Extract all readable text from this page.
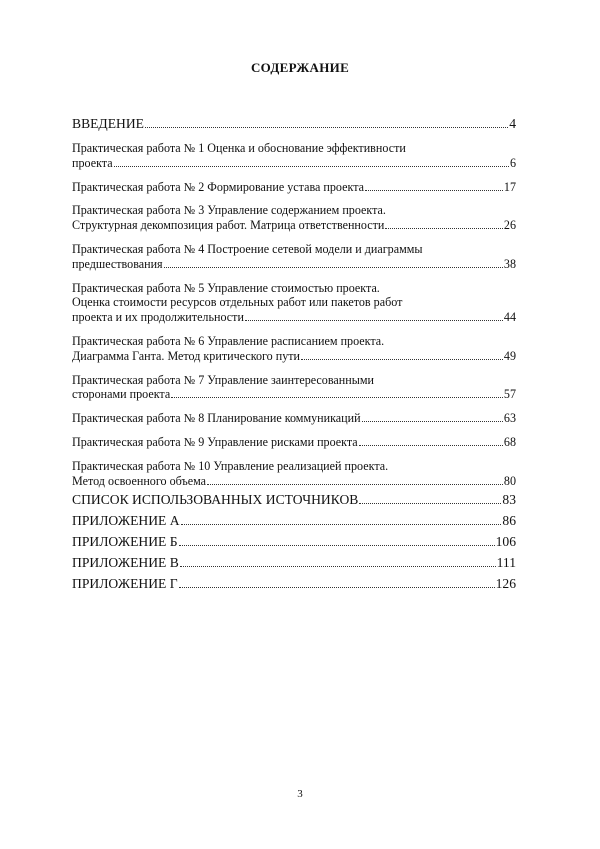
СОДЕРЖАНИЕ
ВВЕДЕНИЕ	4
Практическая работа № 1 Оценка и обоснование эффективности
проекта	6
Практическая работа № 2 Формирование устава проекта	17
Практическая работа № 3 Управление содержанием проекта.
Структурная декомпозиция работ. Матрица ответственности	26
Практическая работа № 4 Построение сетевой модели и диаграммы
предшествования	38
Практическая работа № 5 Управление стоимостью проекта.
Оценка стоимости ресурсов отдельных работ или пакетов работ
проекта и их продолжительности	44
Практическая работа № 6 Управление расписанием проекта.
Диаграмма Ганта. Метод критического пути	49
Практическая работа № 7 Управление заинтересованными
сторонами проекта	57
Практическая работа № 8 Планирование коммуникаций	63
Практическая работа № 9 Управление рисками проекта	68
Практическая работа № 10 Управление реализацией проекта.
Метод освоенного объема	80
СПИСОК ИСПОЛЬЗОВАННЫХ ИСТОЧНИКОВ	83
ПРИЛОЖЕНИЕ А	86
ПРИЛОЖЕНИЕ Б	106
ПРИЛОЖЕНИЕ В	111
ПРИЛОЖЕНИЕ Г	126
3
